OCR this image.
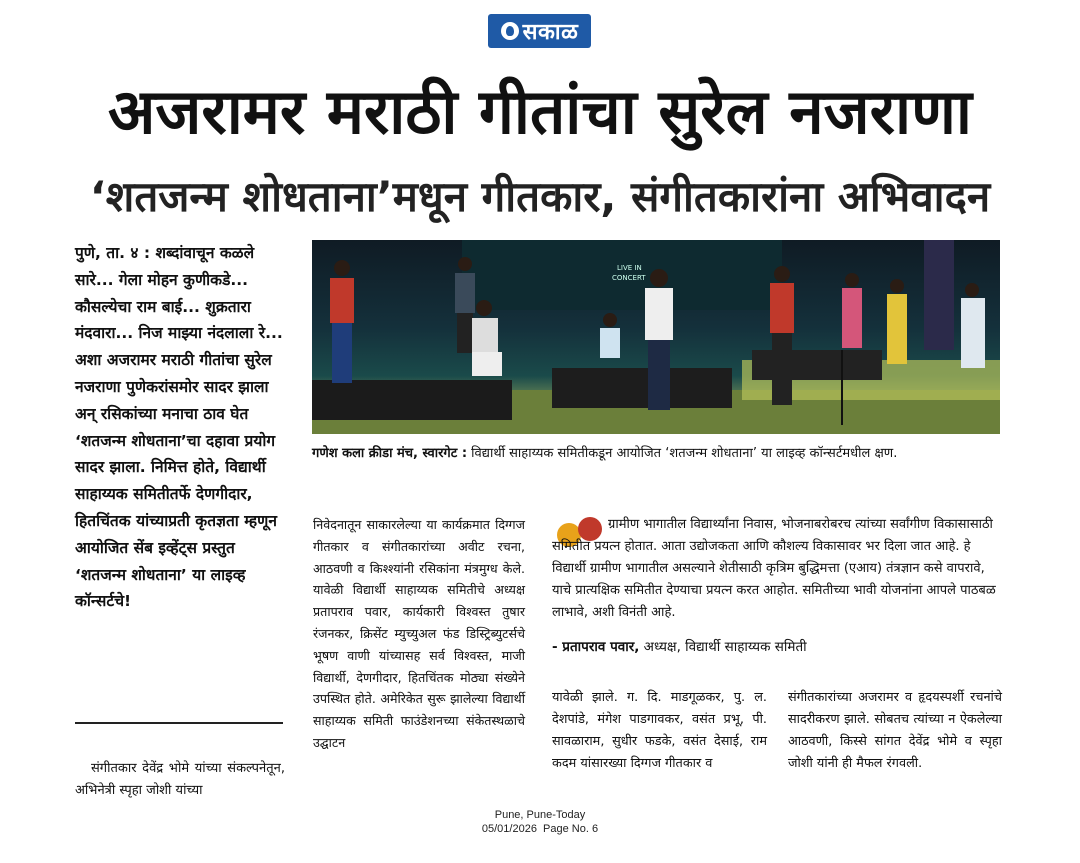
सकाळ
अजरामर मराठी गीतांचा सुरेल नजराणा
‘शतजन्म शोधताना’मधून गीतकार, संगीतकारांना अभिवादन

पुणे, ता. ४ : शब्दांवाचून कळले सारे... गेला मोहन कुणीकडे... कौसल्येचा राम बाई... शुक्रतारा मंदवारा... निज माझ्या नंदलाला रे... अशा अजरामर मराठी गीतांचा सुरेल नजराणा पुणेकरांसमोर सादर झाला अन् रसिकांच्या मनाचा ठाव घेत ‘शतजन्म शोधताना’चा दहावा प्रयोग सादर झाला. निमित्त होते, विद्यार्थी साहाय्यक समितीतर्फे देणगीदार, हितचिंतक यांच्याप्रती कृतज्ञता म्हणून आयोजित सेंब इव्हेंट्स प्रस्तुत ‘शतजन्म शोधताना’ या लाइव्ह कॉन्सर्टचे!

संगीतकार देवेंद्र भोमे यांच्या संकल्पनेतून, अभिनेत्री स्पृहा जोशी यांच्या

LIVE IN
CONCERT

गणेश कला क्रीडा मंच, स्वारगेट : विद्यार्थी साहाय्यक समितीकडून आयोजित ‘शतजन्म शोधताना’ या लाइव्ह कॉन्सर्टमधील क्षण.

निवेदनातून साकारलेल्या या कार्यक्रमात दिग्गज गीतकार व संगीतकारांच्या अवीट रचना, आठवणी व किश्श्यांनी रसिकांना मंत्रमुग्ध केले. यावेळी विद्यार्थी साहाय्यक समितीचे अध्यक्ष प्रतापराव पवार, कार्यकारी विश्वस्त तुषार रंजनकर, क्रिसेंट म्युच्युअल फंड डिस्ट्रिब्युटर्सचे भूषण वाणी यांच्यासह सर्व विश्वस्त, माजी विद्यार्थी, देणगीदार, हितचिंतक मोठ्या संख्येने उपस्थित होते. अमेरिकेत सुरू झालेल्या विद्यार्थी साहाय्यक समिती फाउंडेशनच्या संकेतस्थळाचे उद्घाटन

ग्रामीण भागातील विद्यार्थ्यांना निवास, भोजनाबरोबरच त्यांच्या सर्वांगीण विकासासाठी समितीत प्रयत्न होतात. आता उद्योजकता आणि कौशल्य विकासावर भर दिला जात आहे. हे विद्यार्थी ग्रामीण भागातील असल्याने शेतीसाठी कृत्रिम बुद्धिमत्ता (एआय) तंत्रज्ञान कसे वापरावे, याचे प्रात्यक्षिक समितीत देण्याचा प्रयत्न करत आहोत. समितीच्या भावी योजनांना आपले पाठबळ लाभावे, अशी विनंती आहे.

- प्रतापराव पवार, अध्यक्ष, विद्यार्थी साहाय्यक समिती

यावेळी झाले. ग. दि. माडगूळकर, पु. ल. देशपांडे, मंगेश पाडगावकर, वसंत प्रभू, पी. सावळाराम, सुधीर फडके, वसंत देसाई, राम कदम यांसारख्या दिग्गज गीतकार व

संगीतकारांच्या अजरामर व हृदयस्पर्शी रचनांचे सादरीकरण झाले. सोबतच त्यांच्या न ऐकलेल्या आठवणी, किस्से सांगत देवेंद्र भोमे व स्पृहा जोशी यांनी ही मैफल रंगवली.

Pune, Pune-Today
05/01/2026  Page No. 6
